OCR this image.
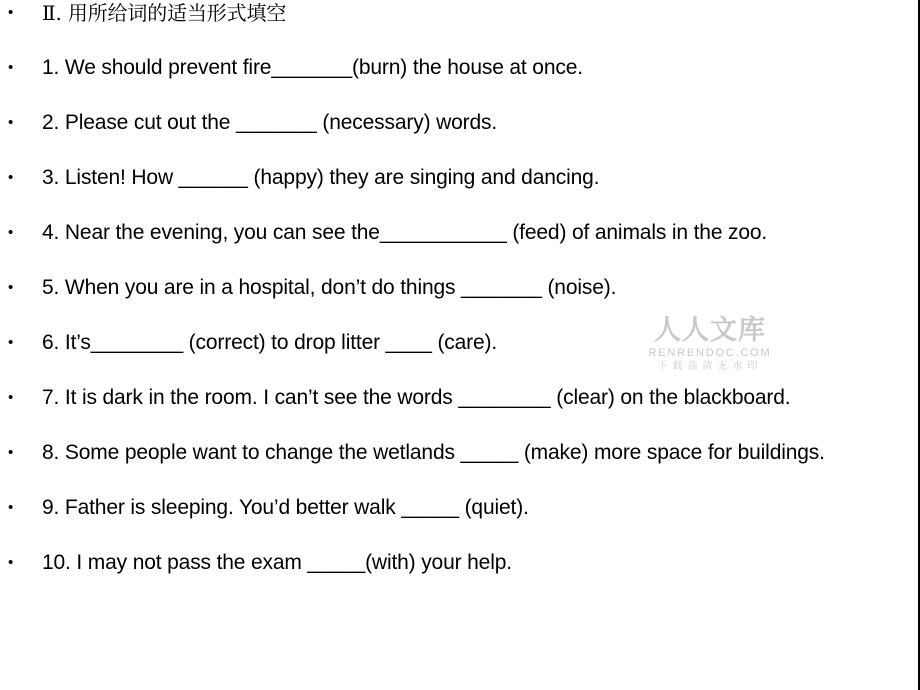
• Ⅱ. 用所给词的适当形式填空
• 1. We should prevent fire_______(burn) the house at once.
• 2. Please cut out the _______ (necessary) words.
• 3. Listen! How ______ (happy) they are singing and dancing.
• 4. Near the evening, you can see the___________ (feed) of animals in the zoo.
• 5. When you are in a hospital, don’t do things _______ (noise).
• 6. It’s________ (correct) to drop litter ____ (care).
• 7. It is dark in the room. I can’t see the words ________ (clear) on the blackboard.
• 8. Some people want to change the wetlands _____ (make) more space for buildings.
• 9. Father is sleeping. You’d better walk _____ (quiet).
• 10. I may not pass the exam _____(with) your help.
人人文库
RENRENDOC.COM
下载高清无水印
